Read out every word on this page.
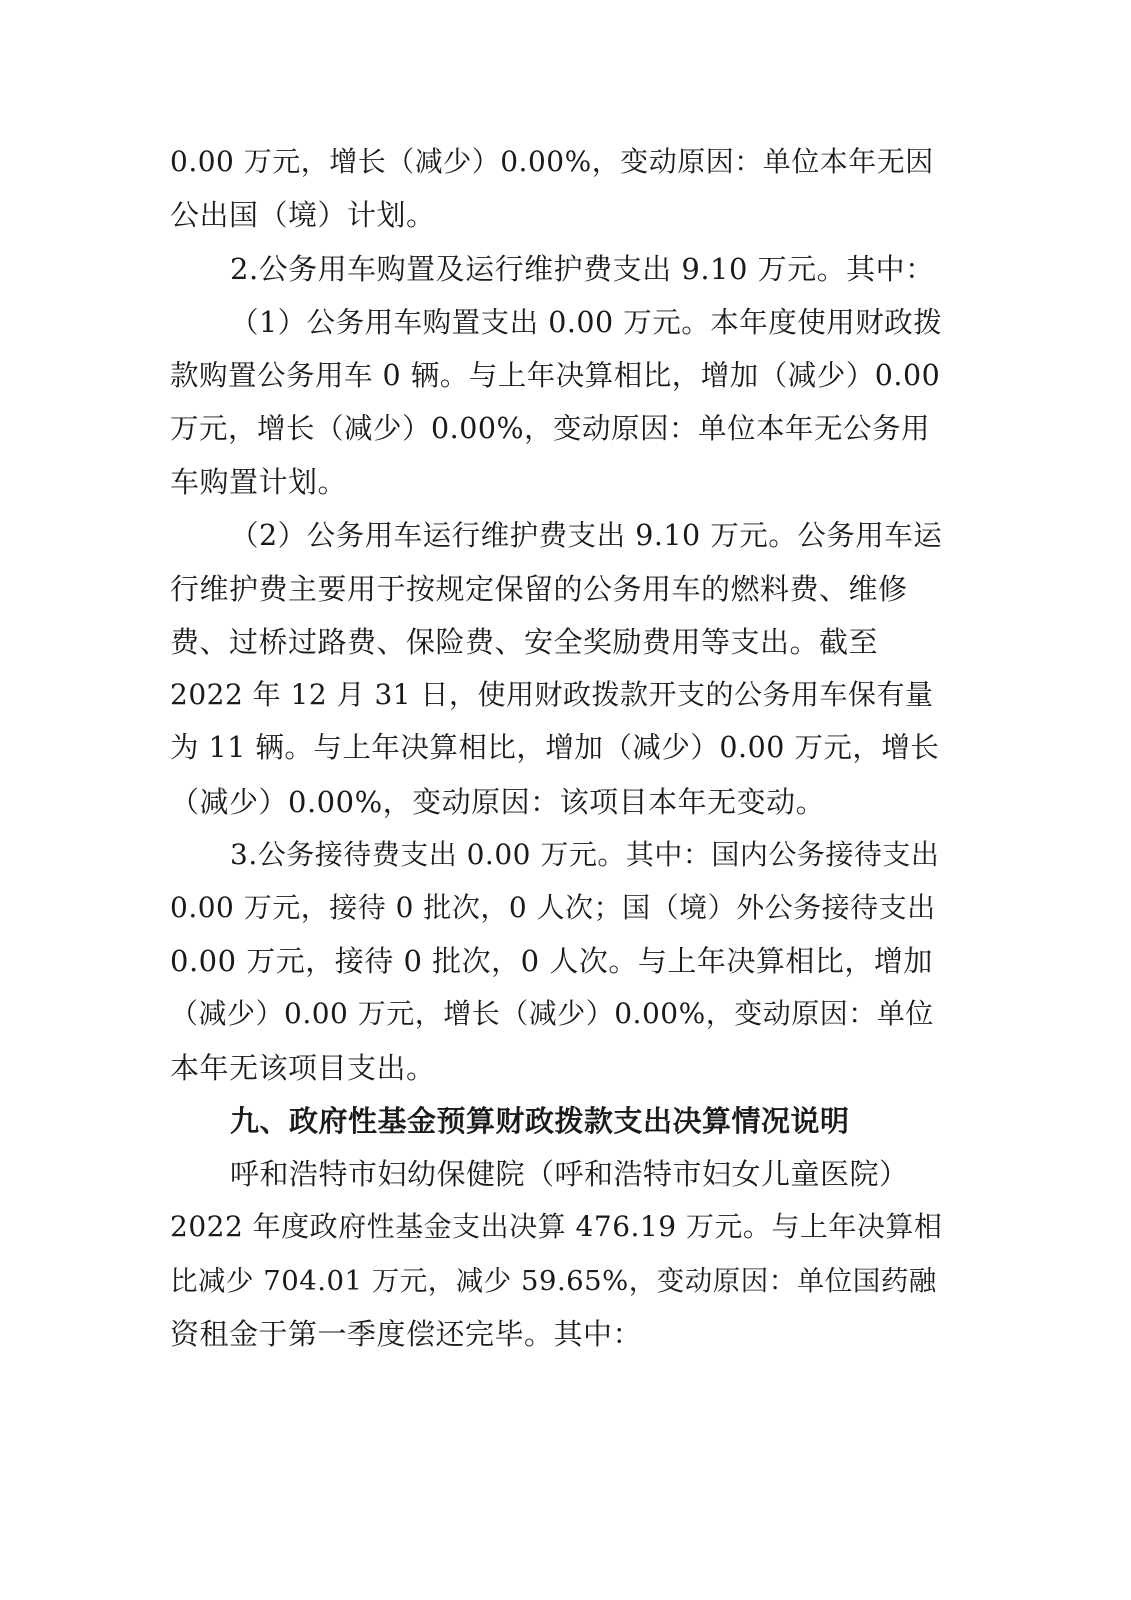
0.00 万元，增长（减少）0.00%，变动原因：单位本年无因
公出国（境）计划。
2.公务用车购置及运行维护费支出 9.10 万元。其中：
（1）公务用车购置支出 0.00 万元。本年度使用财政拨
款购置公务用车 0 辆。与上年决算相比，增加（减少）0.00
万元，增长（减少）0.00%，变动原因：单位本年无公务用
车购置计划。
（2）公务用车运行维护费支出 9.10 万元。公务用车运
行维护费主要用于按规定保留的公务用车的燃料费、维修
费、过桥过路费、保险费、安全奖励费用等支出。截至
2022 年 12 月 31 日，使用财政拨款开支的公务用车保有量
为 11 辆。与上年决算相比，增加（减少）0.00 万元，增长
（减少）0.00%，变动原因：该项目本年无变动。
3.公务接待费支出 0.00 万元。其中：国内公务接待支出
0.00 万元，接待 0 批次，0 人次；国（境）外公务接待支出
0.00 万元，接待 0 批次，0 人次。与上年决算相比，增加
（减少）0.00 万元，增长（减少）0.00%，变动原因：单位
本年无该项目支出。
九、政府性基金预算财政拨款支出决算情况说明
呼和浩特市妇幼保健院（呼和浩特市妇女儿童医院）
2022 年度政府性基金支出决算 476.19 万元。与上年决算相
比减少 704.01 万元，减少 59.65%，变动原因：单位国药融
资租金于第一季度偿还完毕。其中：
